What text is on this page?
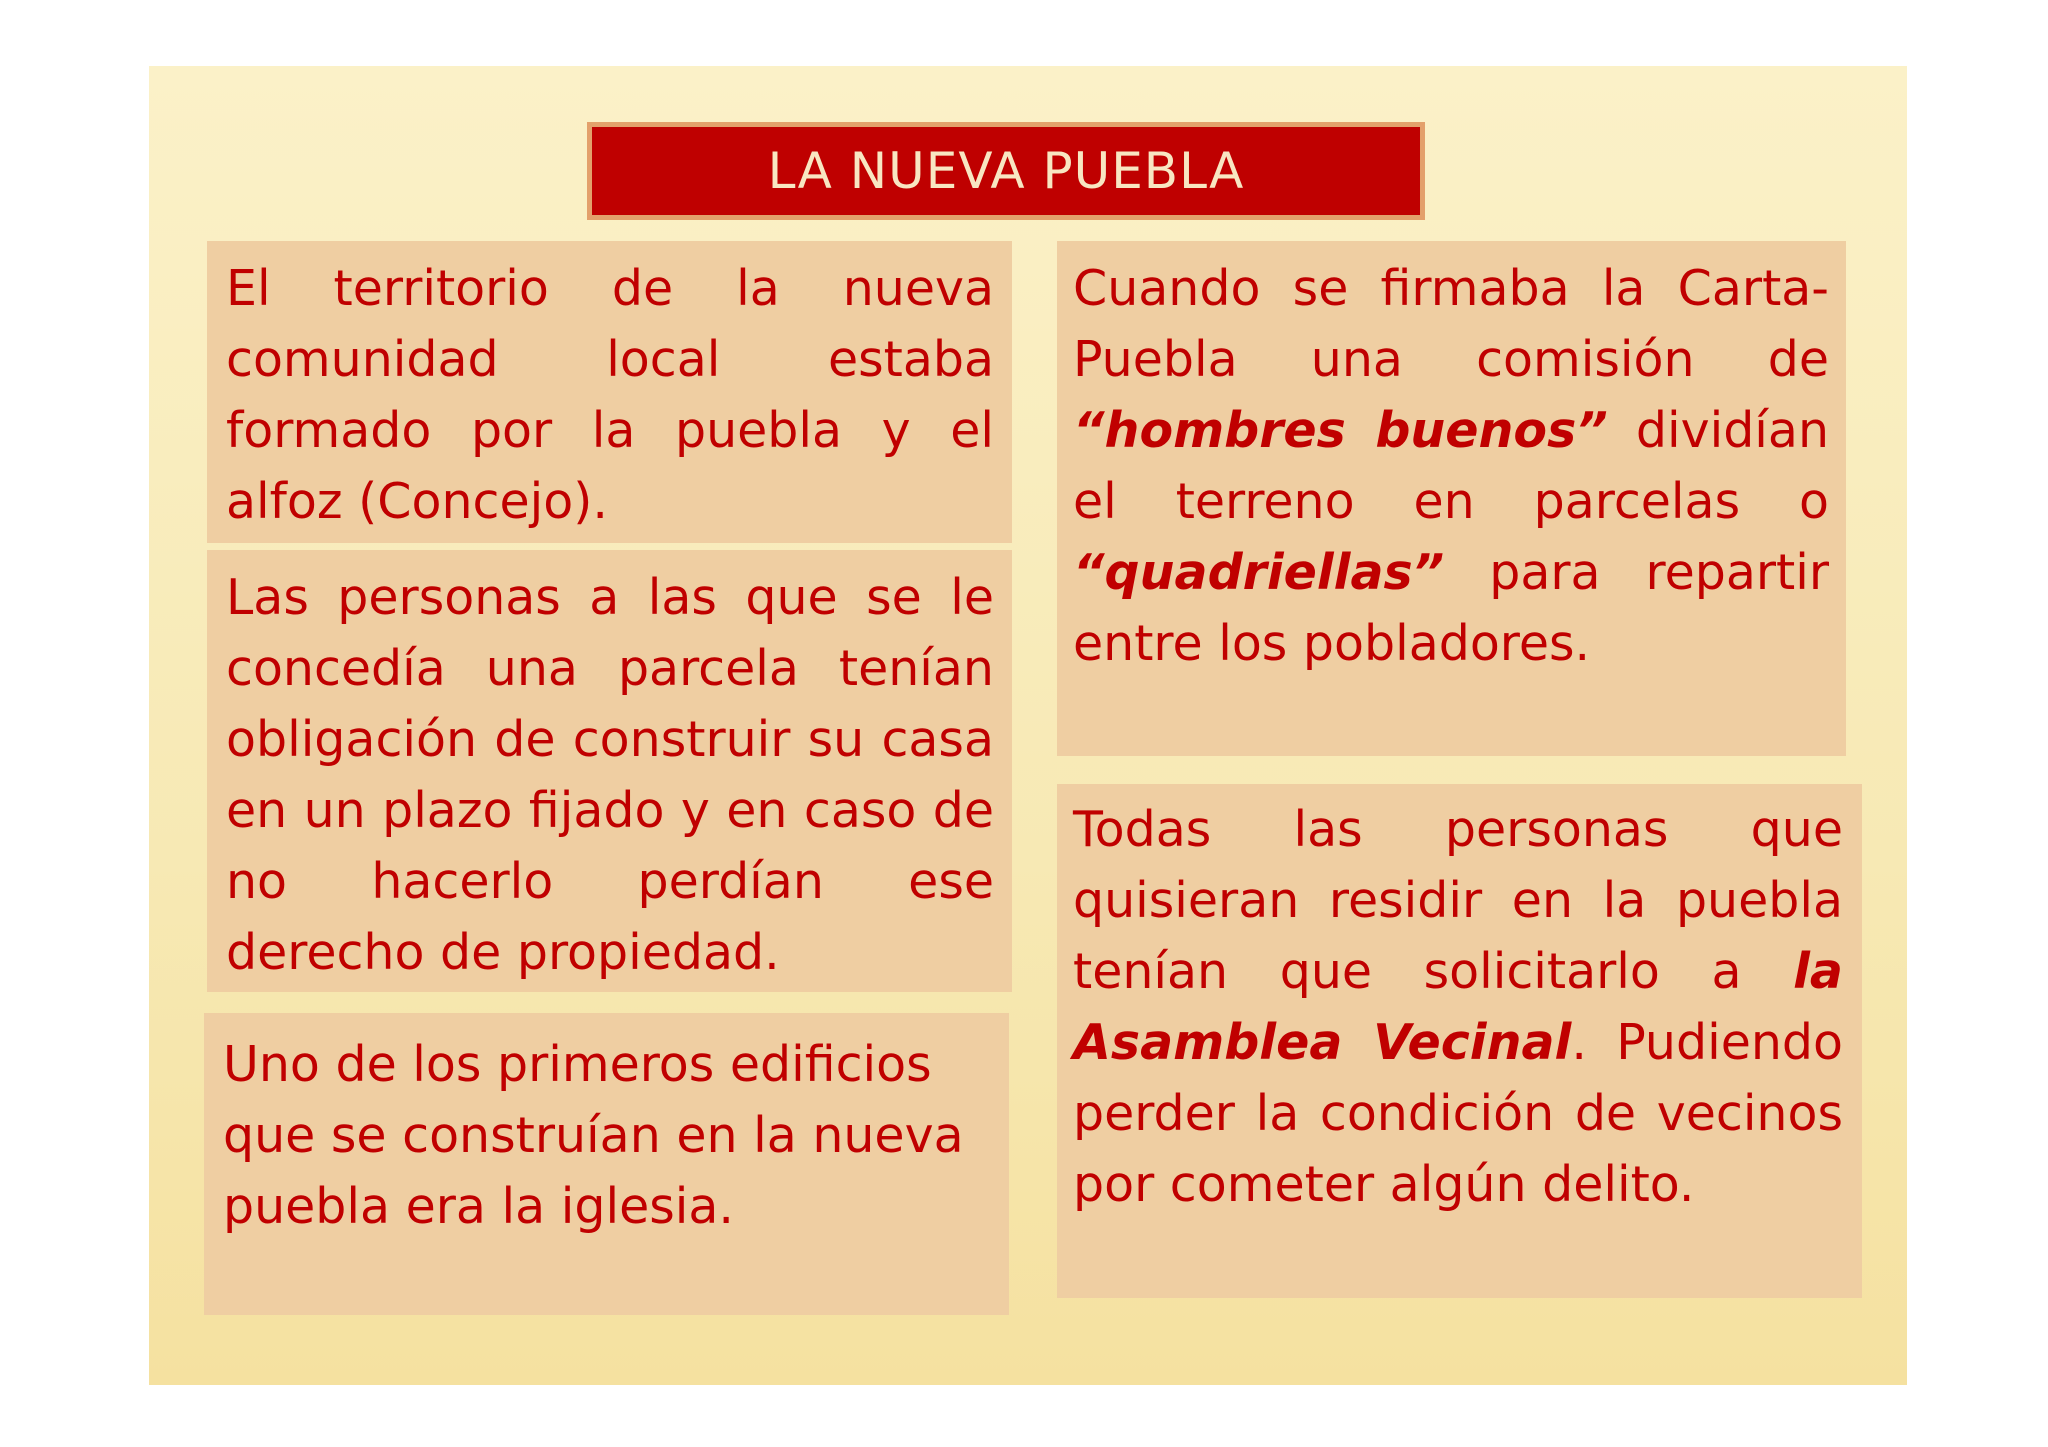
LA NUEVA PUEBLA

El territorio de la nueva comunidad local estaba formado por la puebla y el alfoz (Concejo).

Las personas a las que se le concedía una parcela tenían obligación de construir su casa en un plazo fijado y en caso de no hacerlo perdían ese derecho de propiedad.

Uno de los primeros edificios que se construían en la nueva puebla era la iglesia.

Cuando se firmaba la Carta-Puebla una comisión de “hombres buenos” dividían el terreno en parcelas o “quadriellas” para repartir entre los pobladores.

Todas las personas que quisieran residir en la puebla tenían que solicitarlo a la Asamblea Vecinal. Pudiendo perder la condición de vecinos por cometer algún delito.
